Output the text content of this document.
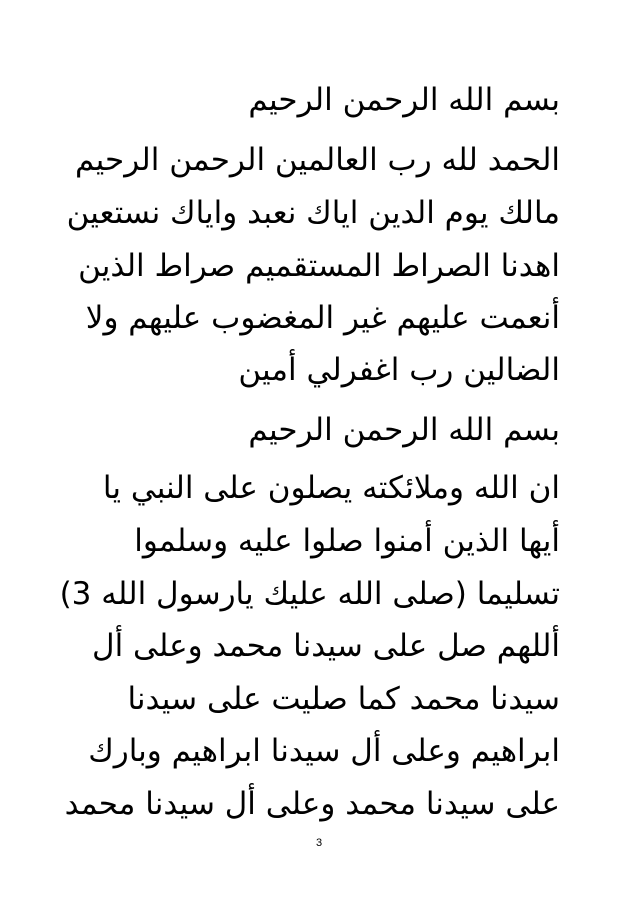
بسم الله الرحمن الرحيم
الحمد لله رب العالمين الرحمن الرحيم
مالك يوم الدين اياك نعبد واياك نستعين
اهدنا الصراط المستقميم صراط الذين
أنعمت عليهم غير المغضوب عليهم ولا
الضالين رب اغفرلي أمين
بسم الله الرحمن الرحيم
ان الله وملائكته يصلون على النبي يا
أيها الذين أمنوا صلوا عليه وسلموا
تسليما (صلى الله عليك يارسول الله 3)
أللهم صل على سيدنا محمد وعلى أل
سيدنا محمد كما صليت على سيدنا
ابراهيم وعلى أل سيدنا ابراهيم وبارك
على سيدنا محمد وعلى أل سيدنا محمد
3
